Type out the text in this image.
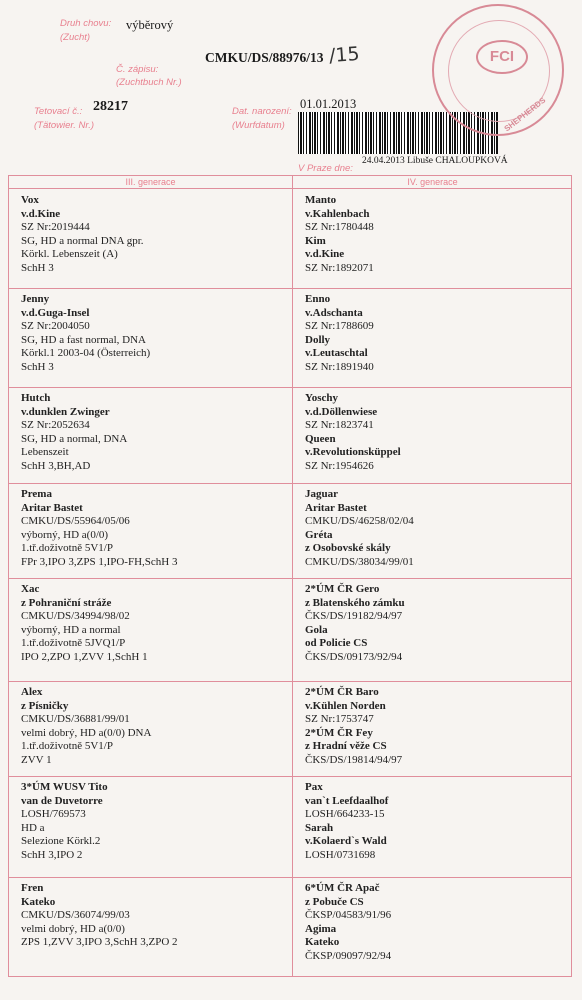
Druh chovu:
(Zucht)
výběrový
Č. zápisu:
(Zuchtbuch Nr.)
CMKU/DS/88976/13 /15
Tetovací č.:
(Tätowier. Nr.)
28217	Dat. narození:
(Wurfdatum)
01.01.2013
V Praze dne:
24.04.2013 Libuše CHALOUPKOVÁ
FCI
SHEPHERDS
III. generace	IV. generace
Vox
v.d.Kine
SZ Nr:2019444
SG, HD a normal DNA gpr.
Körkl. Lebenszeit (A)
SchH 3
Jenny
v.d.Guga-Insel
SZ Nr:2004050
SG, HD a fast normal, DNA
Körkl.1 2003-04 (Österreich)
SchH 3
Hutch
v.dunklen Zwinger
SZ Nr:2052634
SG, HD a normal, DNA
Lebenszeit
SchH 3,BH,AD
Prema
Aritar Bastet
CMKU/DS/55964/05/06
výborný, HD a(0/0)
1.tř.doživotně 5V1/P
FPr 3,IPO 3,ZPS 1,IPO-FH,SchH 3
Xac
z Pohraniční stráže
CMKU/DS/34994/98/02
výborný, HD a normal
1.tř.doživotně 5JVQ1/P
IPO 2,ZPO 1,ZVV 1,SchH 1
Alex
z Písničky
CMKU/DS/36881/99/01
velmi dobrý, HD a(0/0) DNA
1.tř.doživotně 5V1/P
ZVV 1
3*ÚM WUSV Tito
van de Duvetorre
LOSH/769573
HD a
Selezione Körkl.2
SchH 3,IPO 2
Fren
Kateko
CMKU/DS/36074/99/03
velmi dobrý, HD a(0/0)
ZPS 1,ZVV 3,IPO 3,SchH 3,ZPO 2
Manto
v.Kahlenbach
SZ Nr:1780448
Kim
v.d.Kine
SZ Nr:1892071
Enno
v.Adschanta
SZ Nr:1788609
Dolly
v.Leutaschtal
SZ Nr:1891940
Yoschy
v.d.Döllenwiese
SZ Nr:1823741
Queen
v.Revolutionsküppel
SZ Nr:1954626
Jaguar
Aritar Bastet
CMKU/DS/46258/02/04
Gréta
z Osobovské skály
CMKU/DS/38034/99/01
2*ÚM ČR Gero
z Blatenského zámku
ČKS/DS/19182/94/97
Gola
od Policie CS
ČKS/DS/09173/92/94
2*ÚM ČR Baro
v.Kühlen Norden
SZ Nr:1753747
2*ÚM ČR Fey
z Hradní věže CS
ČKS/DS/19814/94/97
Pax
van`t Leefdaalhof
LOSH/664233-15
Sarah
v.Kolaerd`s Wald
LOSH/0731698
6*ÚM ČR Apač
z Pobuče CS
ČKSP/04583/91/96
Agima
Kateko
ČKSP/09097/92/94
